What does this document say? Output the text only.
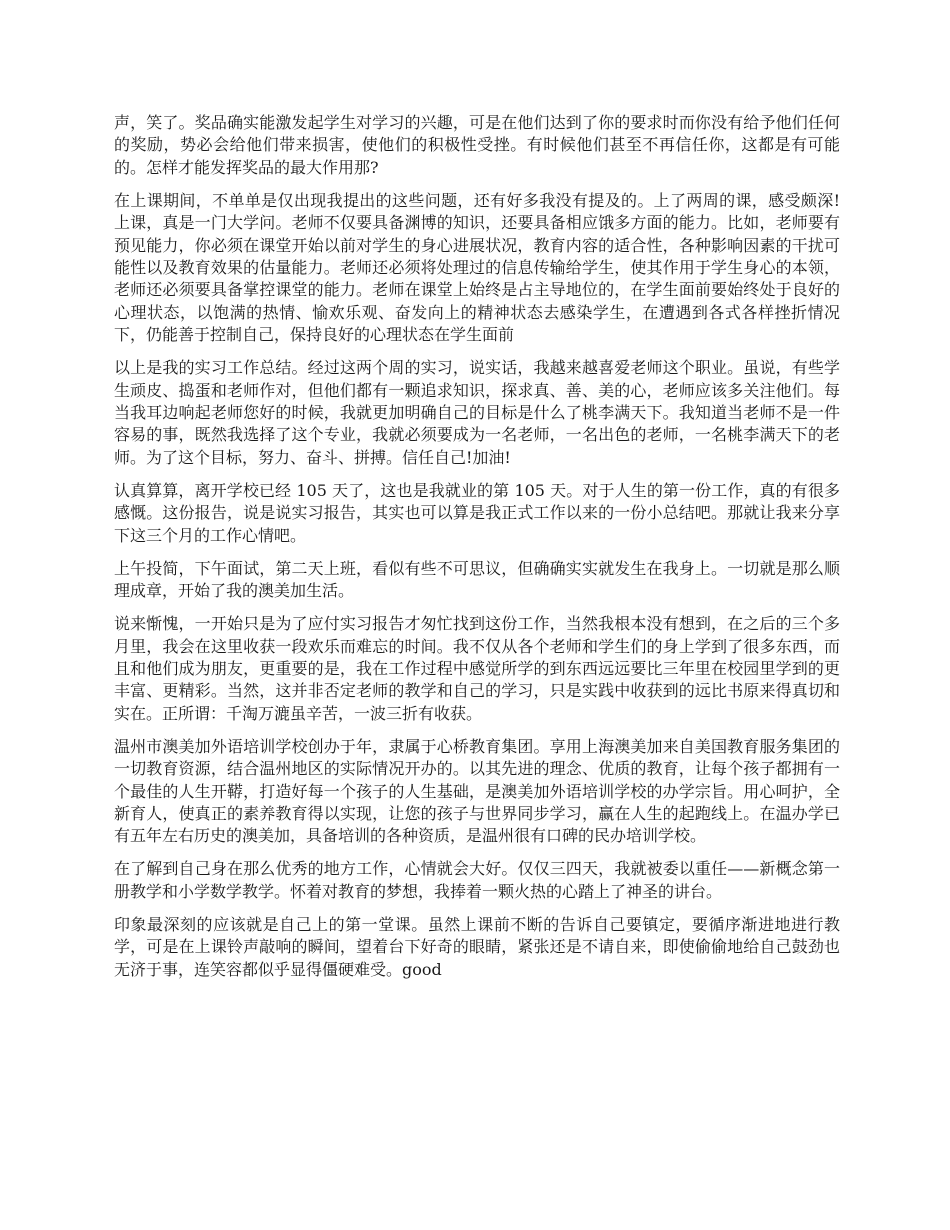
声，笑了。奖品确实能激发起学生对学习的兴趣，可是在他们达到了你的要求时而你没有给予他们任何的奖励，势必会给他们带来损害，使他们的积极性受挫。有时候他们甚至不再信任你，这都是有可能的。怎样才能发挥奖品的最大作用那?

在上课期间，不单单是仅出现我提出的这些问题，还有好多我没有提及的。上了两周的课，感受颇深!上课，真是一门大学问。老师不仅要具备渊博的知识，还要具备相应饿多方面的能力。比如，老师要有预见能力，你必须在课堂开始以前对学生的身心进展状况，教育内容的适合性，各种影响因素的干扰可能性以及教育效果的估量能力。老师还必须将处理过的信息传输给学生，使其作用于学生身心的本领，老师还必须要具备掌控课堂的能力。老师在课堂上始终是占主导地位的，在学生面前要始终处于良好的心理状态，以饱满的热情、愉欢乐观、奋发向上的精神状态去感染学生，在遭遇到各式各样挫折情况下，仍能善于控制自己，保持良好的心理状态在学生面前

以上是我的实习工作总结。经过这两个周的实习，说实话，我越来越喜爱老师这个职业。虽说，有些学生顽皮、捣蛋和老师作对，但他们都有一颗追求知识，探求真、善、美的心，老师应该多关注他们。每当我耳边响起老师您好的时候，我就更加明确自己的目标是什么了桃李满天下。我知道当老师不是一件容易的事，既然我选择了这个专业，我就必须要成为一名老师，一名出色的老师，一名桃李满天下的老师。为了这个目标，努力、奋斗、拼搏。信任自己!加油!

认真算算，离开学校已经 105 天了，这也是我就业的第 105 天。对于人生的第一份工作，真的有很多感慨。这份报告，说是说实习报告，其实也可以算是我正式工作以来的一份小总结吧。那就让我来分享下这三个月的工作心情吧。

上午投简，下午面试，第二天上班，看似有些不可思议，但确确实实就发生在我身上。一切就是那么顺理成章，开始了我的澳美加生活。

说来惭愧，一开始只是为了应付实习报告才匆忙找到这份工作，当然我根本没有想到，在之后的三个多月里，我会在这里收获一段欢乐而难忘的时间。我不仅从各个老师和学生们的身上学到了很多东西，而且和他们成为朋友，更重要的是，我在工作过程中感觉所学的到东西远远要比三年里在校园里学到的更丰富、更精彩。当然，这并非否定老师的教学和自己的学习，只是实践中收获到的远比书原来得真切和实在。正所谓：千淘万漉虽辛苦，一波三折有收获。

温州市澳美加外语培训学校创办于年，隶属于心桥教育集团。享用上海澳美加来自美国教育服务集团的一切教育资源，结合温州地区的实际情况开办的。以其先进的理念、优质的教育，让每个孩子都拥有一个最佳的人生开鞯，打造好每一个孩子的人生基础，是澳美加外语培训学校的办学宗旨。用心呵护，全新育人，使真正的素养教育得以实现，让您的孩子与世界同步学习，赢在人生的起跑线上。在温办学已有五年左右历史的澳美加，具备培训的各种资质，是温州很有口碑的民办培训学校。

在了解到自己身在那么优秀的地方工作，心情就会大好。仅仅三四天，我就被委以重任——新概念第一册教学和小学数学教学。怀着对教育的梦想，我捧着一颗火热的心踏上了神圣的讲台。

印象最深刻的应该就是自己上的第一堂课。虽然上课前不断的告诉自己要镇定，要循序渐进地进行教学，可是在上课铃声敲响的瞬间，望着台下好奇的眼睛，紧张还是不请自来，即使偷偷地给自己鼓劲也无济于事，连笑容都似乎显得僵硬难受。good
